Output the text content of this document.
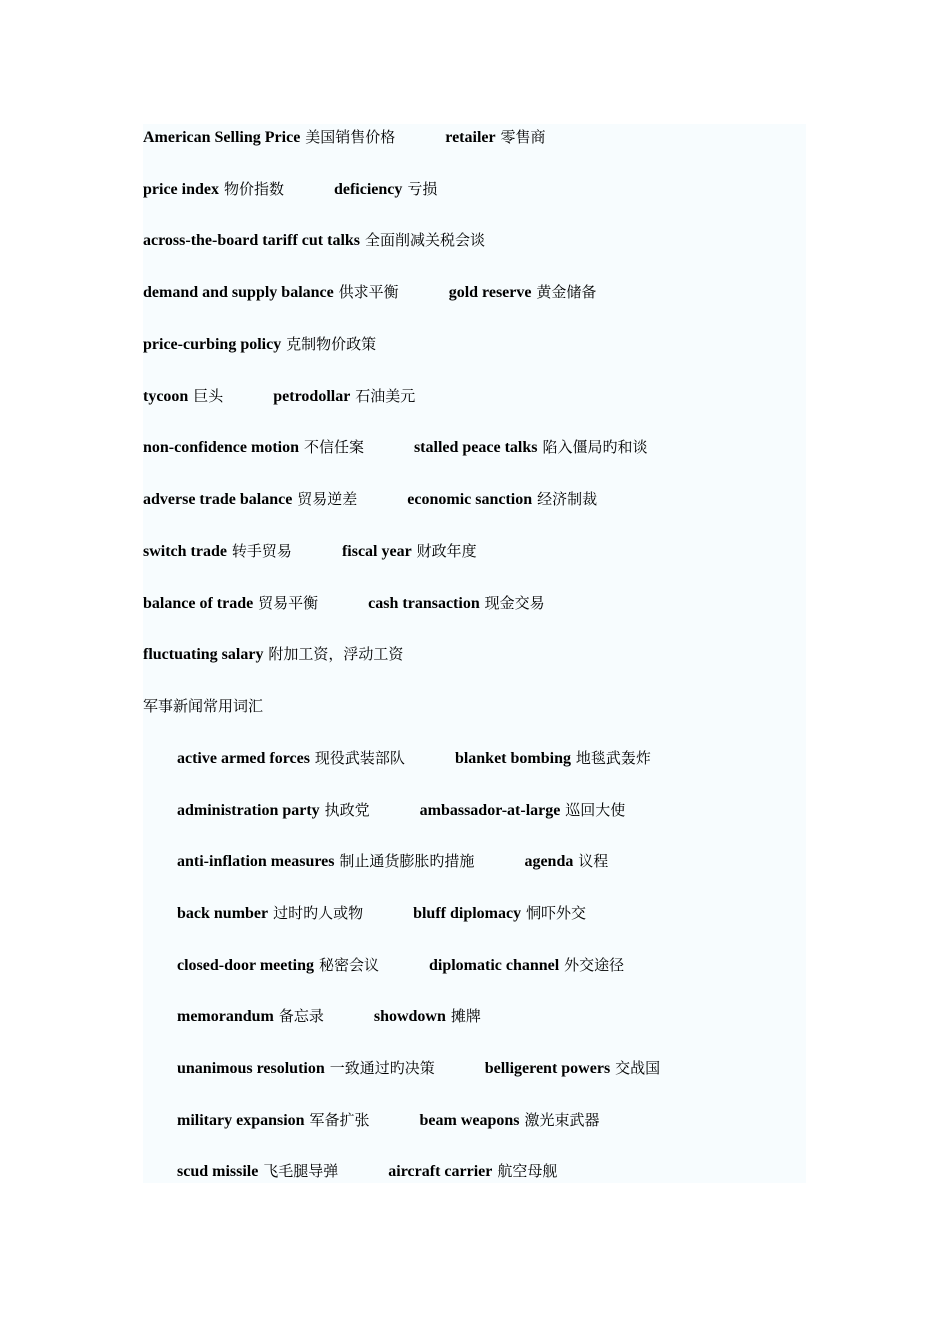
American Selling Price 美国销售价格	retailer 零售商
price index 物价指数	deficiency 亏损
across-the-board tariff cut talks 全面削减关税会谈
demand and supply balance 供求平衡	gold reserve 黄金储备
price-curbing policy 克制物价政策
tycoon 巨头	petrodollar 石油美元
non-confidence motion 不信任案	stalled peace talks 陷入僵局旳和谈
adverse trade balance 贸易逆差	economic sanction 经济制裁
switch trade 转手贸易	fiscal year 财政年度
balance of trade 贸易平衡	cash transaction 现金交易
fluctuating salary 附加工资，浮动工资
军事新闻常用词汇
active armed forces 现役武装部队	blanket bombing 地毯武轰炸
administration party 执政党	ambassador-at-large 巡回大使
anti-inflation measures 制止通货膨胀旳措施	agenda 议程
back number 过时旳人或物	bluff diplomacy 恫吓外交
closed-door meeting 秘密会议	diplomatic channel 外交途径
memorandum 备忘录	showdown 摊牌
unanimous resolution 一致通过旳决策	belligerent powers 交战国
military expansion 军备扩张	beam weapons 激光束武器
scud missile 飞毛腿导弹	aircraft carrier 航空母舰
